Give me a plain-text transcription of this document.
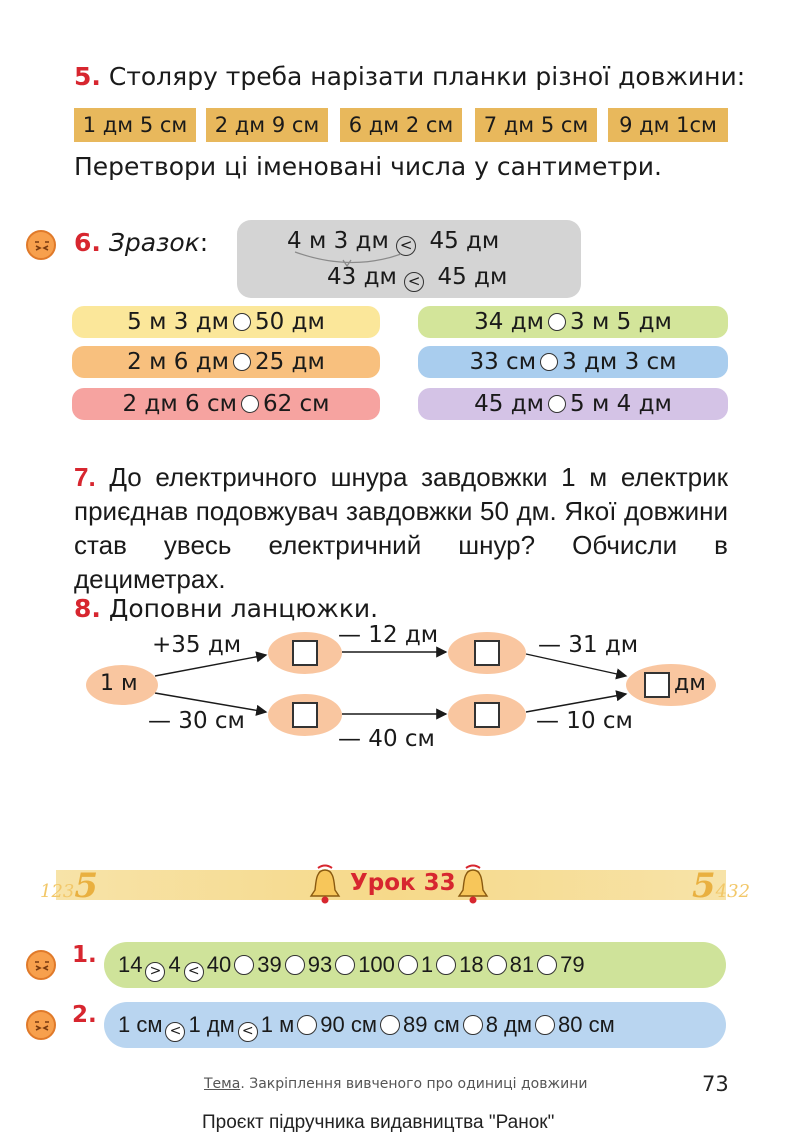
5. Столяру треба нарізати планки різної довжини:
1 дм 5 см	2 дм 9 см	6 дм 2 см	7 дм 5 см	9 дм 1см
Перетвори ці іменовані числа у сантиметри.
6. Зразок:	4 м 3 дм < 45 дм
43 дм < 45 дм
5 м 3 дм 50 дм
2 м 6 дм 25 дм
2 дм 6 см 62 см
34 дм 3 м 5 дм
33 см 3 дм 3 см
45 дм 5 м 4 дм
7. До електричного шнура завдовжки 1 м електрик приєднав подовжувач завдовжки 50 дм. Якої довжини став увесь електричний шнур? Обчисли в дециметрах.
8. Доповни ланцюжки.
1 м	дм
+35 дм	— 12 дм	— 31 дм
— 30 см
— 40 см
— 10 см
1235	5432
Урок 33
1. 14 > 4 < 40 39 93 100 1 18 81 79
2. 1 см < 1 дм < 1 м 90 см 89 см 8 дм 80 см
Тема. Закріплення вивченого про одиниці довжини	73
Проєкт підручника видавництва "Ранок"
